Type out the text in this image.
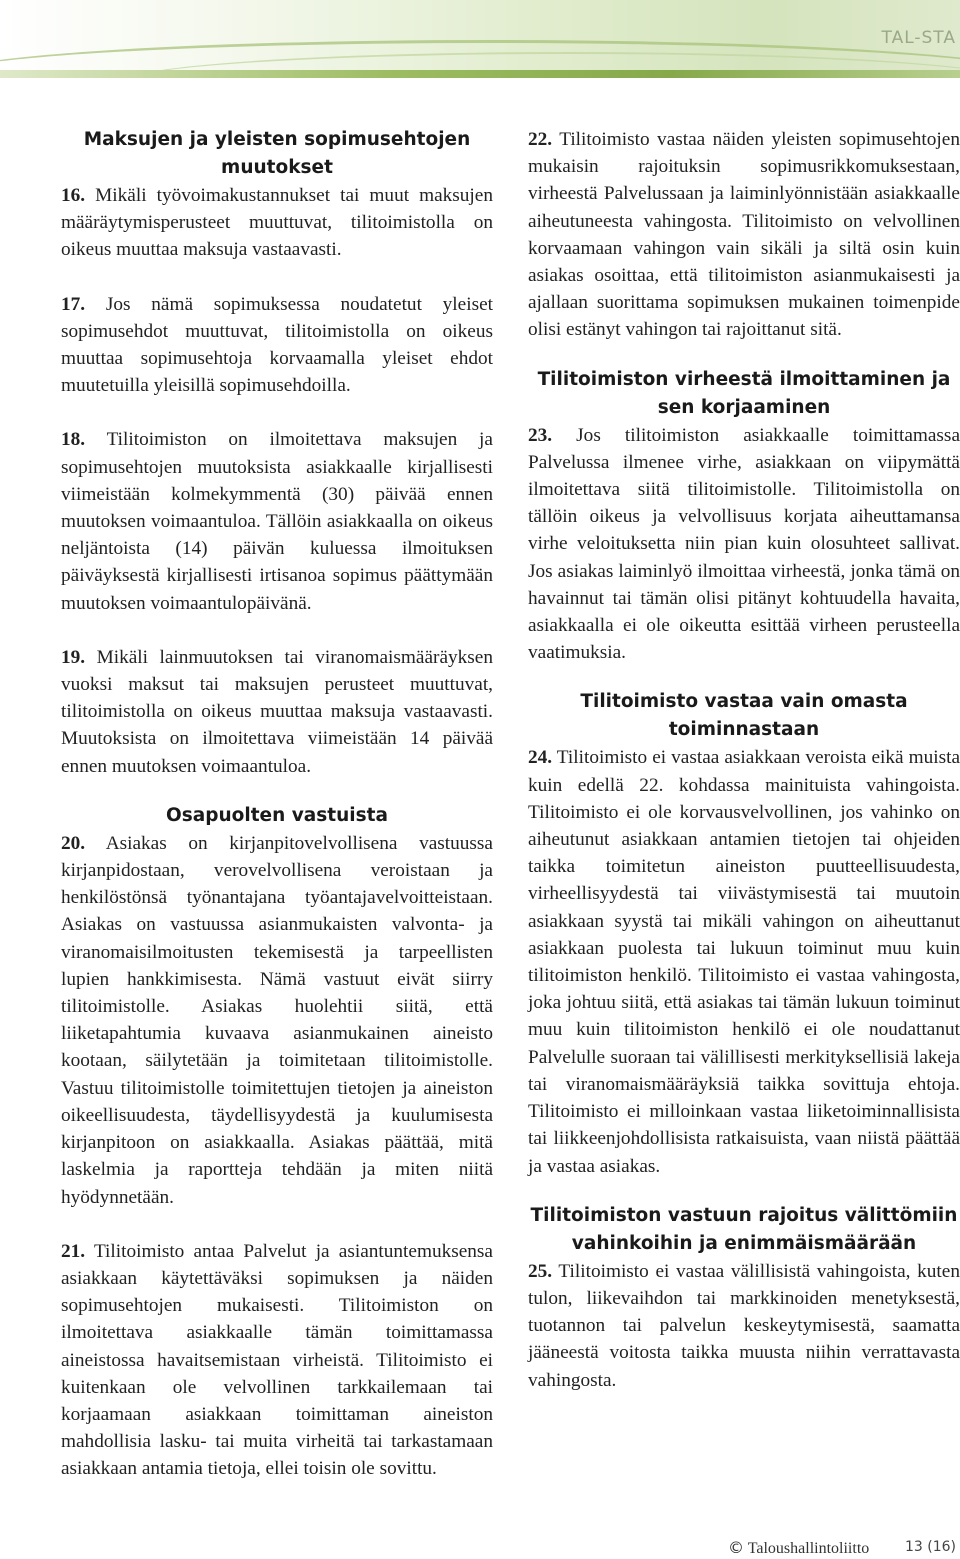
TAL-STA
Maksujen ja yleisten sopimusehtojen muutokset

16. Mikäli työvoimakustannukset tai muut maksujen määräytymisperusteet muuttuvat, tilitoimistolla on oikeus muuttaa maksuja vastaavasti.

17. Jos nämä sopimuksessa noudatetut yleiset sopimusehdot muuttuvat, tilitoimistolla on oikeus muuttaa sopimusehtoja korvaamalla yleiset ehdot muutetuilla yleisillä sopimusehdoilla.

18. Tilitoimiston on ilmoitettava maksujen ja sopimusehtojen muutoksista asiakkaalle kirjallisesti viimeistään kolmekymmentä (30) päivää ennen muutoksen voimaantuloa. Tällöin asiakkaalla on oikeus neljäntoista (14) päivän kuluessa ilmoituksen päiväyksestä kirjallisesti irtisanoa sopimus päättymään muutoksen voimaantulopäivänä.

19. Mikäli lainmuutoksen tai viranomaismääräyksen vuoksi maksut tai maksujen perusteet muuttuvat, tilitoimistolla on oikeus muuttaa maksuja vastaavasti. Muutoksista on ilmoitettava viimeistään 14 päivää ennen muutoksen voimaantuloa.

Osapuolten vastuista

20. Asiakas on kirjanpitovelvollisena vastuussa kirjanpidostaan, verovelvollisena veroistaan ja henkilöstönsä työnantajana työantajavelvoitteistaan. Asiakas on vastuussa asianmukaisten valvonta- ja viranomaisilmoitusten tekemisestä ja tarpeellisten lupien hankkimisesta. Nämä vastuut eivät siirry tilitoimistolle. Asiakas huolehtii siitä, että liiketapahtumia kuvaava asianmukainen aineisto kootaan, säilytetään ja toimitetaan tilitoimistolle. Vastuu tilitoimistolle toimitettujen tietojen ja aineiston oikeellisuudesta, täydellisyydestä ja kuulumisesta kirjanpitoon on asiakkaalla. Asiakas päättää, mitä laskelmia ja raportteja tehdään ja miten niitä hyödynnetään.

21. Tilitoimisto antaa Palvelut ja asiantuntemuksensa asiakkaan käytettäväksi sopimuksen ja näiden sopimusehtojen mukaisesti. Tilitoimiston on ilmoitettava asiakkaalle tämän toimittamassa aineistossa havaitsemistaan virheistä. Tilitoimisto ei kuitenkaan ole velvollinen tarkkailemaan tai korjaamaan asiakkaan toimittaman aineiston mahdollisia lasku- tai muita virheitä tai tarkastamaan asiakkaan antamia tietoja, ellei toisin ole sovittu.

22. Tilitoimisto vastaa näiden yleisten sopimusehtojen mukaisin rajoituksin sopimusrikkomuksestaan, virheestä Palvelussaan ja laiminlyönnistään asiakkaalle aiheutuneesta vahingosta. Tilitoimisto on velvollinen korvaamaan vahingon vain sikäli ja siltä osin kuin asiakas osoittaa, että tilitoimiston asianmukaisesti ja ajallaan suorittama sopimuksen mukainen toimenpide olisi estänyt vahingon tai rajoittanut sitä.

Tilitoimiston virheestä ilmoittaminen ja sen korjaaminen

23. Jos tilitoimiston asiakkaalle toimittamassa Palvelussa ilmenee virhe, asiakkaan on viipymättä ilmoitettava siitä tilitoimistolle. Tilitoimistolla on tällöin oikeus ja velvollisuus korjata aiheuttamansa virhe veloituksetta niin pian kuin olosuhteet sallivat. Jos asiakas laiminlyö ilmoittaa virheestä, jonka tämä on havainnut tai tämän olisi pitänyt kohtuudella havaita, asiakkaalla ei ole oikeutta esittää virheen perusteella vaatimuksia.

Tilitoimisto vastaa vain omasta toiminnastaan

24. Tilitoimisto ei vastaa asiakkaan veroista eikä muista kuin edellä 22. kohdassa mainituista vahingoista. Tilitoimisto ei ole korvausvelvollinen, jos vahinko on aiheutunut asiakkaan antamien tietojen tai ohjeiden taikka toimitetun aineiston puutteellisuudesta, virheellisyydestä tai viivästymisestä tai muutoin asiakkaan syystä tai mikäli vahingon on aiheuttanut asiakkaan puolesta tai lukuun toiminut muu kuin tilitoimiston henkilö. Tilitoimisto ei vastaa vahingosta, joka johtuu siitä, että asiakas tai tämän lukuun toiminut muu kuin tilitoimiston henkilö ei ole noudattanut Palvelulle suoraan tai välillisesti merkityksellisiä lakeja tai viranomaismääräyksiä taikka sovittuja ehtoja. Tilitoimisto ei milloinkaan vastaa liiketoiminnallisista tai liikkeenjohdollisista ratkaisuista, vaan niistä päättää ja vastaa asiakas.

Tilitoimiston vastuun rajoitus välittömiin vahinkoihin ja enimmäismäärään

25. Tilitoimisto ei vastaa välillisistä vahingoista, kuten tulon, liikevaihdon tai markkinoiden menetyksestä, tuotannon tai palvelun keskeytymisestä, saamatta jääneestä voitosta taikka muusta niihin verrattavasta vahingosta.

© Taloushallintoliitto	13 (16)
